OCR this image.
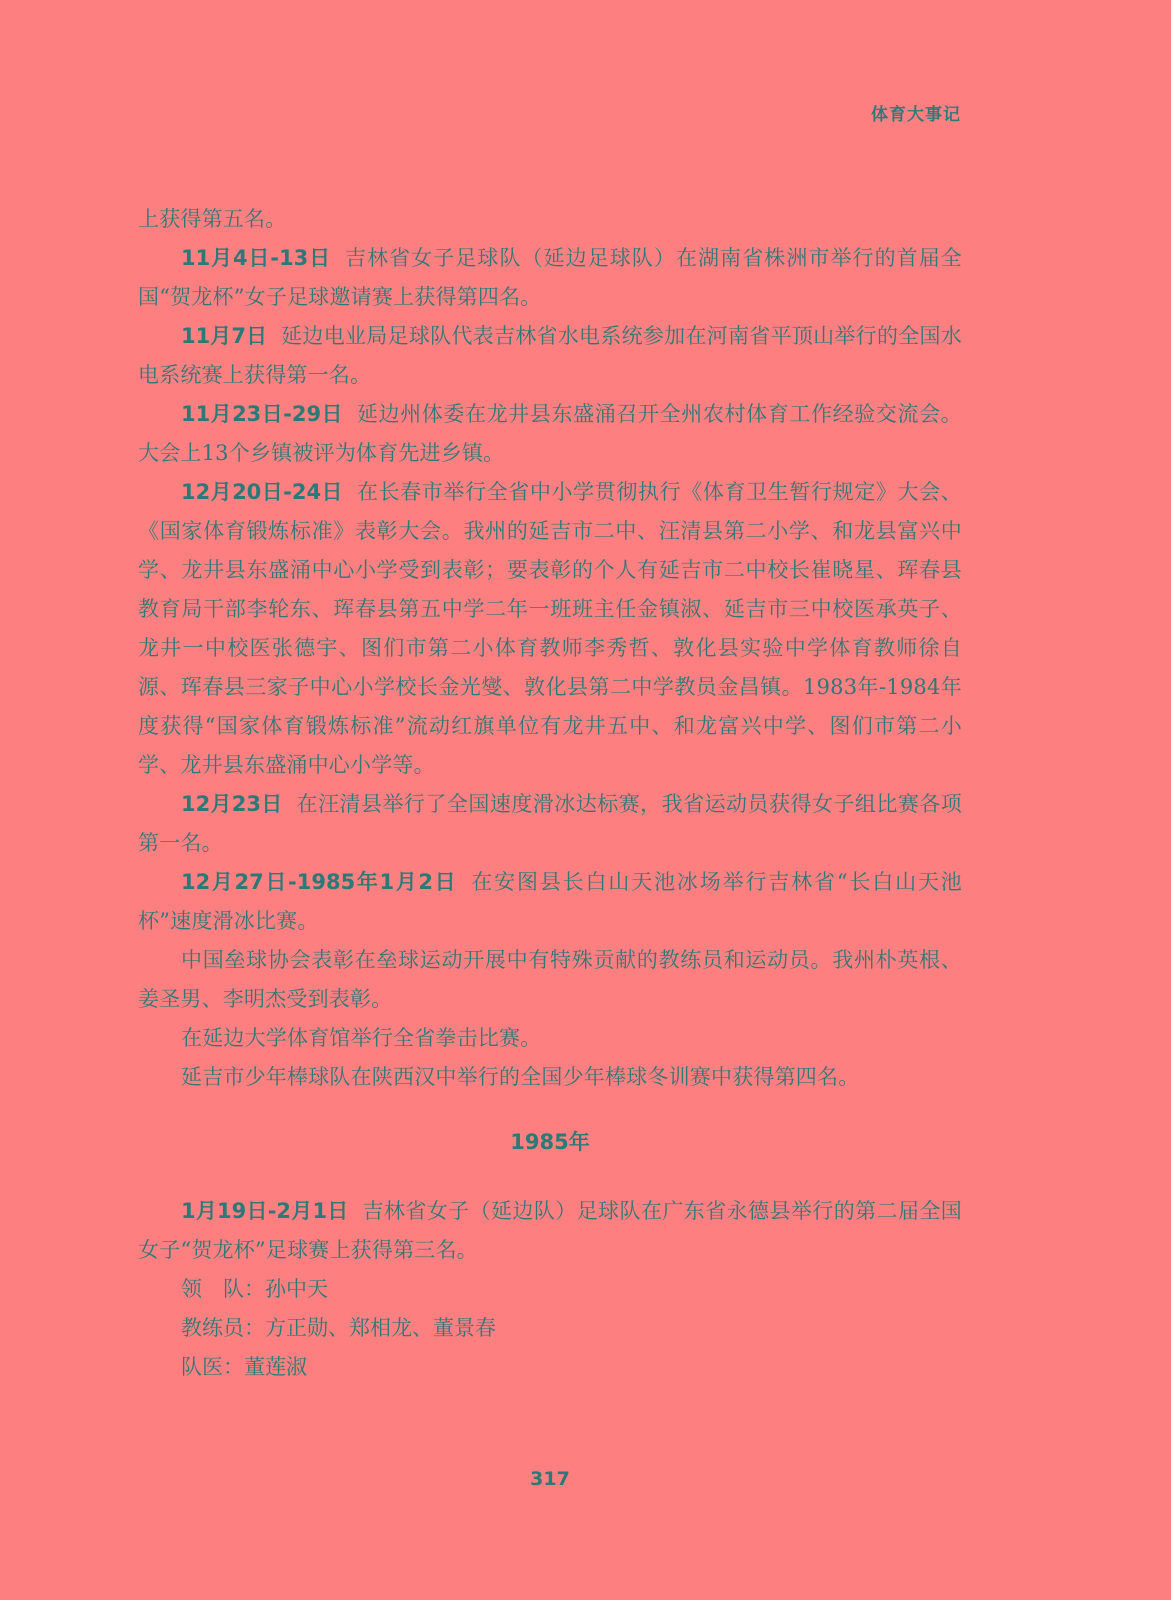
体育大事记

上获得第五名。

11月4日-13日 吉林省女子足球队（延边足球队）在湖南省株洲市举行的首届全国“贺龙杯”女子足球邀请赛上获得第四名。

11月7日 延边电业局足球队代表吉林省水电系统参加在河南省平顶山举行的全国水电系统赛上获得第一名。

11月23日-29日 延边州体委在龙井县东盛涌召开全州农村体育工作经验交流会。大会上13个乡镇被评为体育先进乡镇。

12月20日-24日 在长春市举行全省中小学贯彻执行《体育卫生暂行规定》大会、《国家体育锻炼标准》表彰大会。我州的延吉市二中、汪清县第二小学、和龙县富兴中学、龙井县东盛涌中心小学受到表彰；要表彰的个人有延吉市二中校长崔晓星、珲春县教育局干部李轮东、珲春县第五中学二年一班班主任金镇淑、延吉市三中校医承英子、龙井一中校医张德宇、图们市第二小体育教师李秀哲、敦化县实验中学体育教师徐自源、珲春县三家子中心小学校长金光燮、敦化县第二中学教员金昌镇。1983年-1984年度获得“国家体育锻炼标准”流动红旗单位有龙井五中、和龙富兴中学、图们市第二小学、龙井县东盛涌中心小学等。

12月23日 在汪清县举行了全国速度滑冰达标赛，我省运动员获得女子组比赛各项第一名。

12月27日-1985年1月2日 在安图县长白山天池冰场举行吉林省“长白山天池杯”速度滑冰比赛。

中国垒球协会表彰在垒球运动开展中有特殊贡献的教练员和运动员。我州朴英根、姜圣男、李明杰受到表彰。

在延边大学体育馆举行全省拳击比赛。

延吉市少年棒球队在陕西汉中举行的全国少年棒球冬训赛中获得第四名。

1985年

1月19日-2月1日 吉林省女子（延边队）足球队在广东省永德县举行的第二届全国女子“贺龙杯”足球赛上获得第三名。

领　队：孙中天

教练员：方正勋、郑相龙、董景春

队医：董莲淑

317
